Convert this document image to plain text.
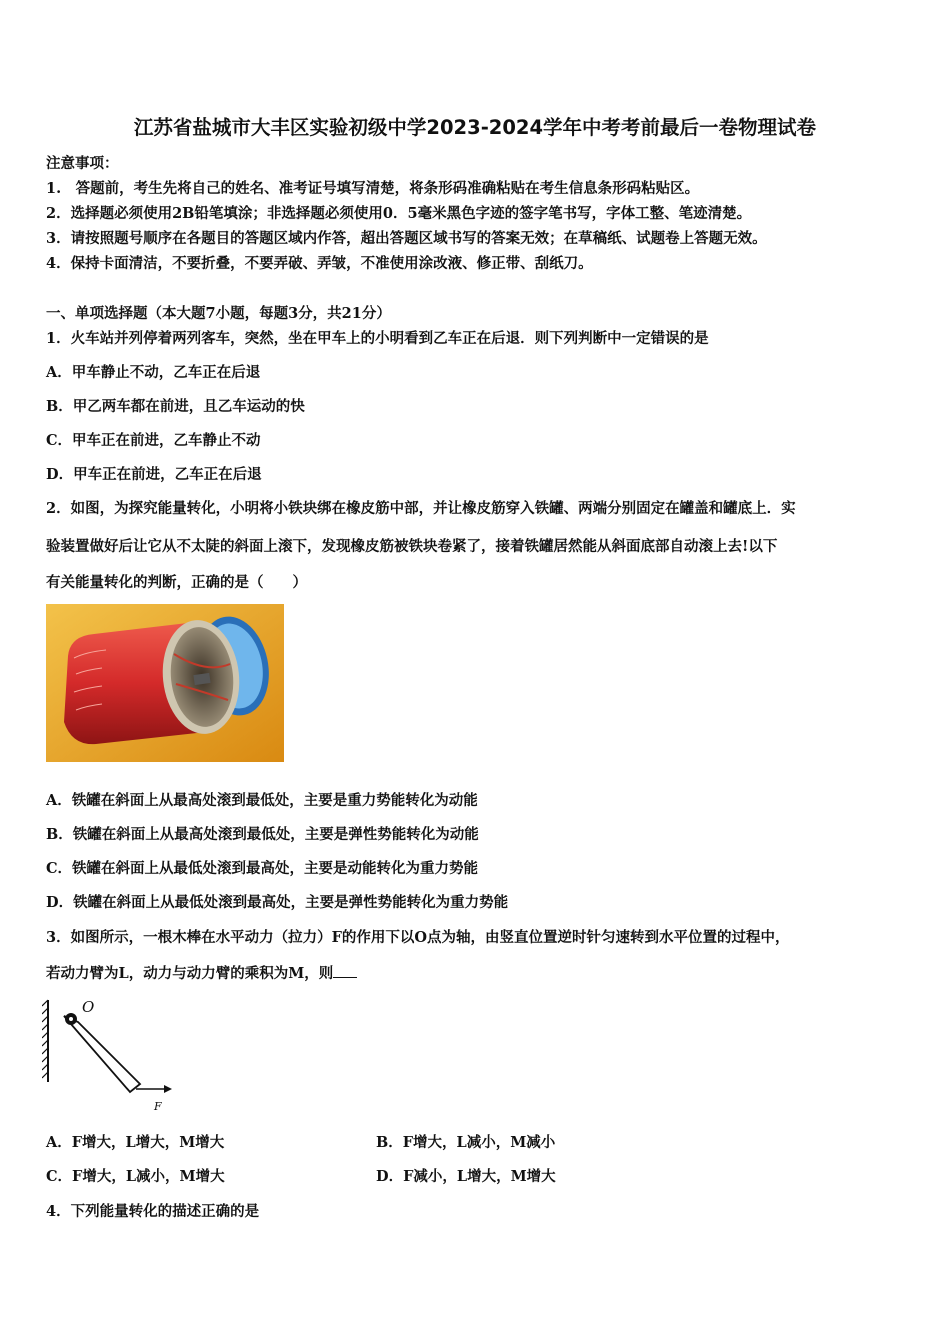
江苏省盐城市大丰区实验初级中学2023-2024学年中考考前最后一卷物理试卷
注意事项：
1.　答题前，考生先将自己的姓名、准考证号填写清楚，将条形码准确粘贴在考生信息条形码粘贴区。
2．选择题必须使用2B铅笔填涂；非选择题必须使用0．5毫米黑色字迹的签字笔书写，字体工整、笔迹清楚。
3．请按照题号顺序在各题目的答题区域内作答，超出答题区域书写的答案无效；在草稿纸、试题卷上答题无效。
4．保持卡面清洁，不要折叠，不要弄破、弄皱，不准使用涂改液、修正带、刮纸刀。
一、单项选择题（本大题7小题，每题3分，共21分）
1．火车站并列停着两列客车，突然，坐在甲车上的小明看到乙车正在后退．则下列判断中一定错误的是
A．甲车静止不动，乙车正在后退
B．甲乙两车都在前进，且乙车运动的快
C．甲车正在前进，乙车静止不动
D．甲车正在前进，乙车正在后退
2．如图，为探究能量转化，小明将小铁块绑在橡皮筋中部，并让橡皮筋穿入铁罐、两端分别固定在罐盖和罐底上．实
验装置做好后让它从不太陡的斜面上滚下，发现橡皮筋被铁块卷紧了，接着铁罐居然能从斜面底部自动滚上去!以下
有关能量转化的判断，正确的是（　　）
A．铁罐在斜面上从最高处滚到最低处，主要是重力势能转化为动能
B．铁罐在斜面上从最高处滚到最低处，主要是弹性势能转化为动能
C．铁罐在斜面上从最低处滚到最高处，主要是动能转化为重力势能
D．铁罐在斜面上从最低处滚到最高处，主要是弹性势能转化为重力势能
3．如图所示，一根木棒在水平动力（拉力）F的作用下以O点为轴，由竖直位置逆时针匀速转到水平位置的过程中，
若动力臂为L，动力与动力臂的乘积为M，则
O
F
A．F增大，L增大，M增大	B．F增大，L减小，M减小
C．F增大，L减小，M增大	D．F减小，L增大，M增大
4．下列能量转化的描述正确的是
